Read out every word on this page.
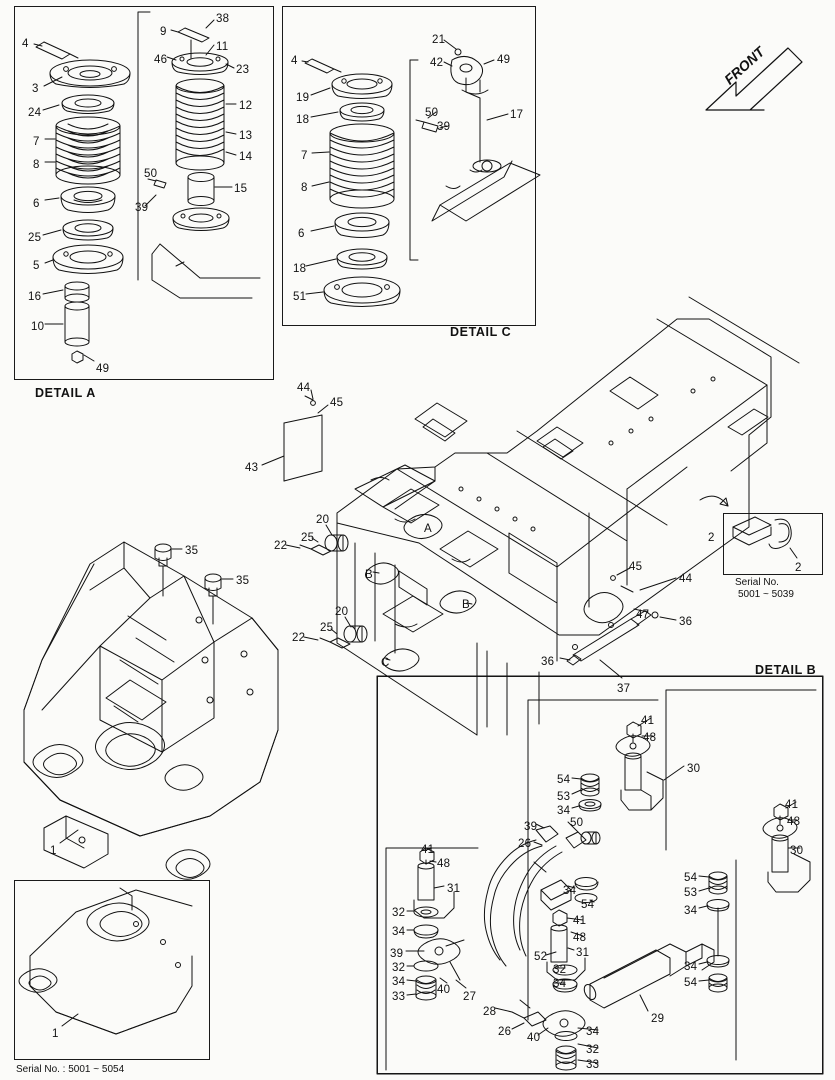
4
38
9
3
46
11
23
24
12
7	13
8
14
6
50
15
39
25
5
16
10
49
4
21
49
42
19
18
50	17
39
7
8
6
18
51
44
45
43
2
20
25
22
A
B
B
45
44
20
25
22
C
47
36
36
37
2
35
35
1
1
41
48
30
54
53
34	41
48
39	50
26
30
41
48
54
53
31	34
54	34
32
34
41
48
52	31
39
32
32
34	34
40
27
33
34
54
28
29
26 40	34
32
33
DETAIL A
DETAIL C
DETAIL B
FRONT
Serial No.
5001 ~ 5039
Serial No. : 5001 ~ 5054
